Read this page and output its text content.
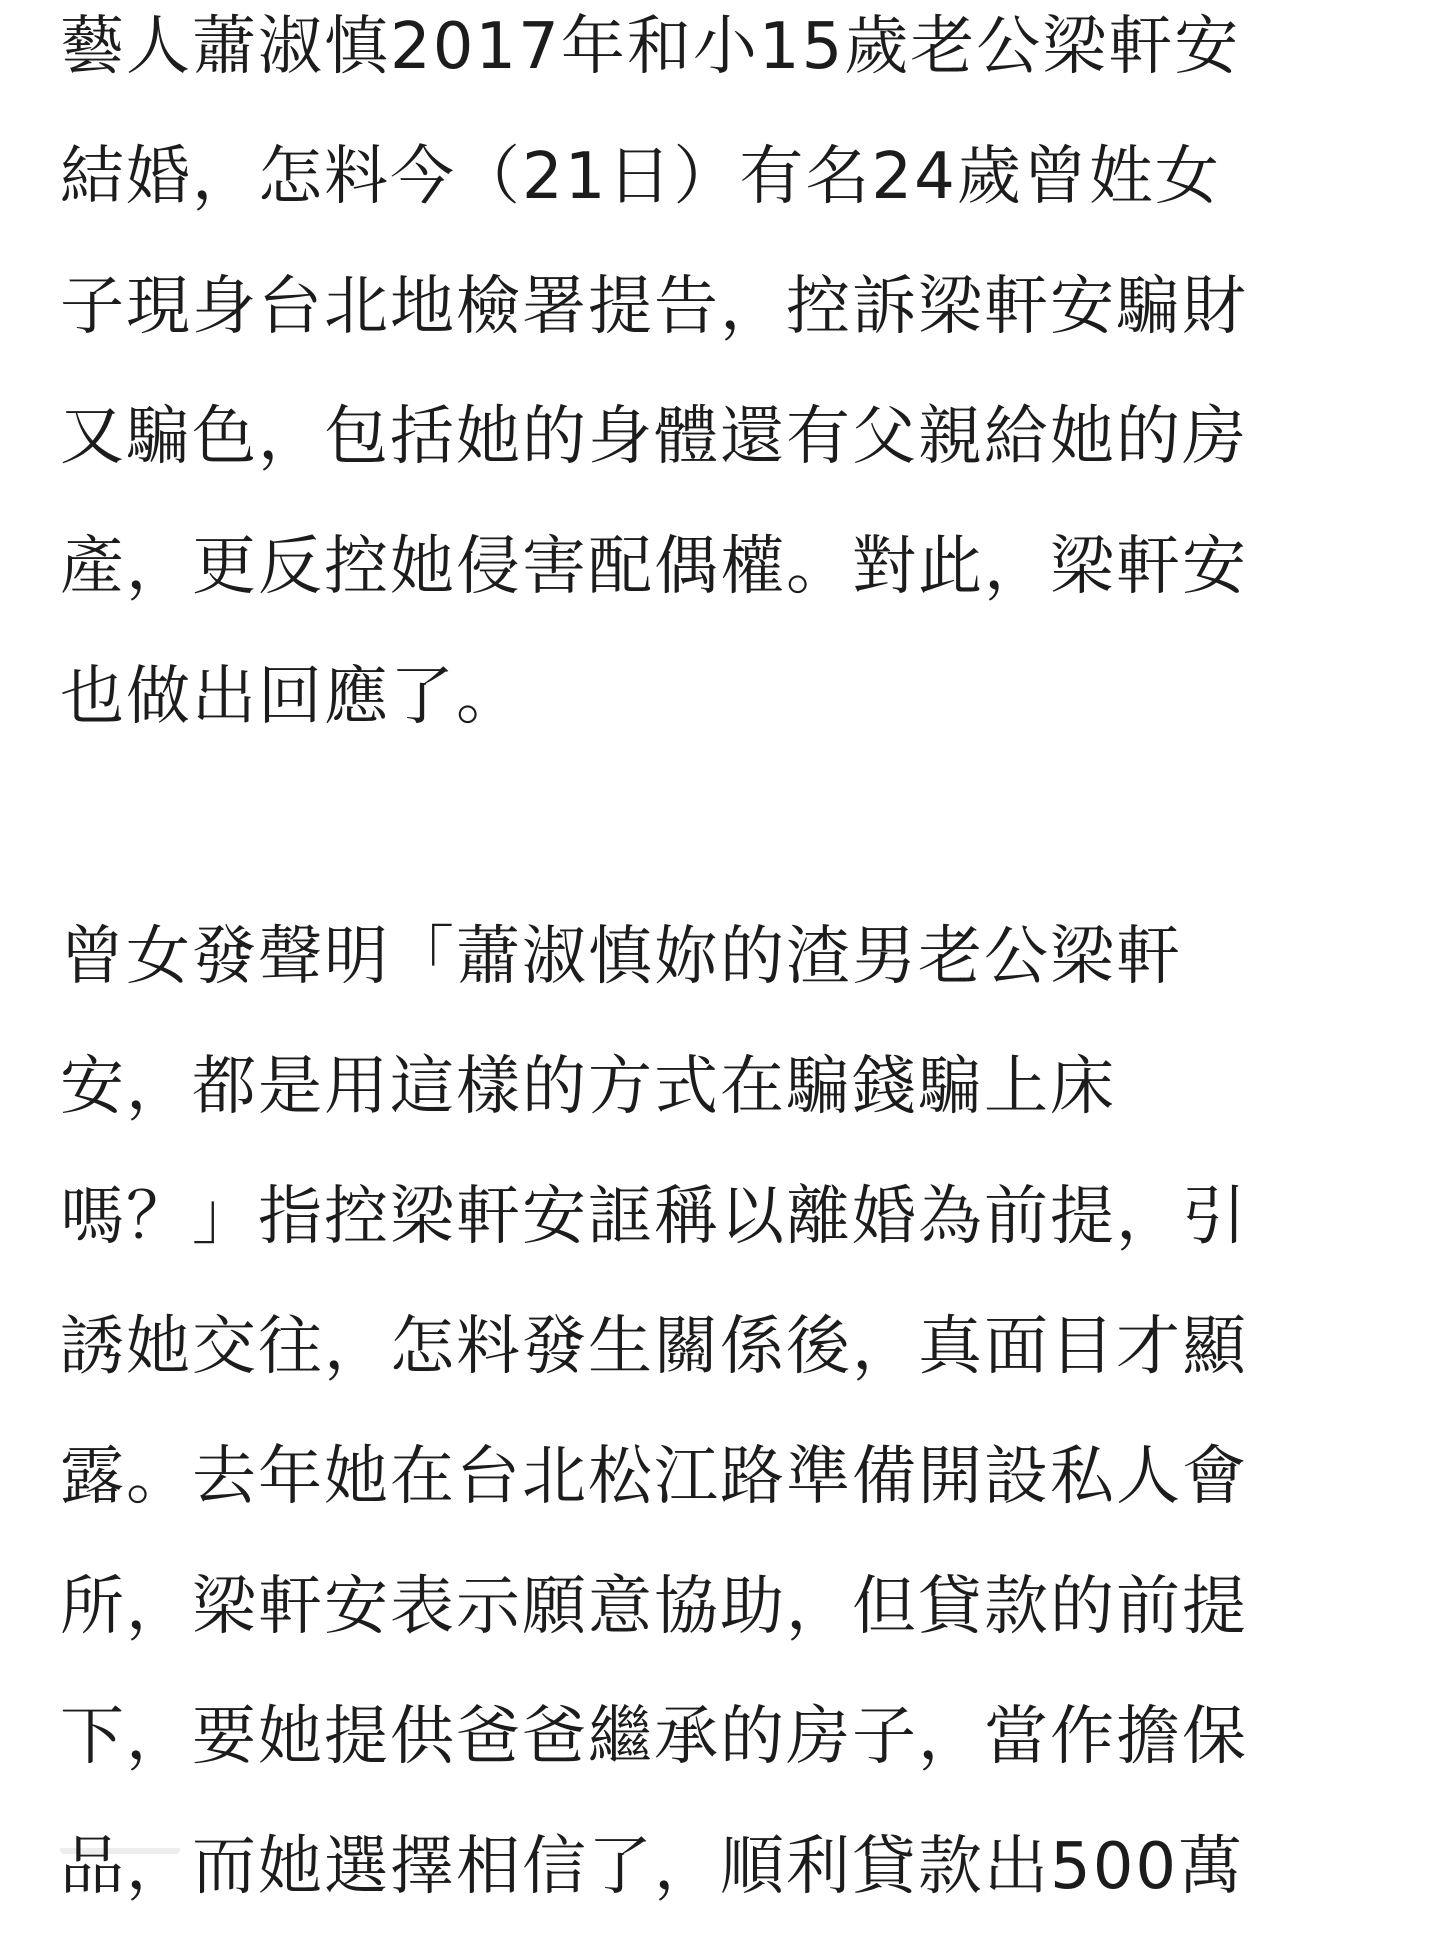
藝人蕭淑慎2017年和小15歲老公梁軒安
結婚，怎料今（21日）有名24歲曾姓女
子現身台北地檢署提告，控訴梁軒安騙財
又騙色，包括她的身體還有父親給她的房
產，更反控她侵害配偶權。對此，梁軒安
也做出回應了。

曾女發聲明「蕭淑慎妳的渣男老公梁軒
安，都是用這樣的方式在騙錢騙上床
嗎？」指控梁軒安誆稱以離婚為前提，引
誘她交往，怎料發生關係後，真面目才顯
露。去年她在台北松江路準備開設私人會
所，梁軒安表示願意協助，但貸款的前提
下，要她提供爸爸繼承的房子，當作擔保
品，而她選擇相信了，順利貸款出500萬
